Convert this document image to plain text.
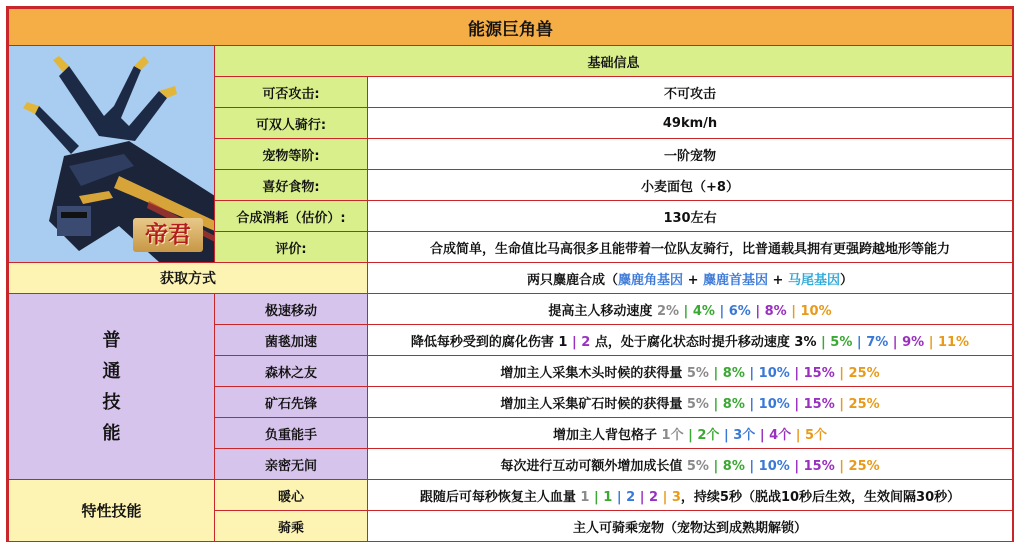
能源巨角兽		

帝君	基础信息	
	可否攻击:	不可攻击
	可双人骑行:	49km/h
	宠物等阶:	一阶宠物
	喜好食物:	小麦面包（+8）
	合成消耗（估价）:	130左右
	评价:	合成简单，生命值比马高很多且能带着一位队友骑行，比普通载具拥有更强跨越地形等能力
获取方式		两只麋鹿合成（麋鹿角基因 + 麋鹿首基因 + 马尾基因）

普
通
技
能	极速移动	提高主人移动速度 2% | 4% | 6% | 8% | 10%
	菌毯加速	降低每秒受到的腐化伤害 1 | 2 点，处于腐化状态时提升移动速度 3% | 5% | 7% | 9% | 11%
	森林之友	增加主人采集木头时候的获得量 5% | 8% | 10% | 15% | 25%
	矿石先锋	增加主人采集矿石时候的获得量 5% | 8% | 10% | 15% | 25%
	负重能手	增加主人背包格子 1个 | 2个 | 3个 | 4个 | 5个
	亲密无间	每次进行互动可额外增加成长值 5% | 8% | 10% | 15% | 25%
特性技能	暖心	跟随后可每秒恢复主人血量 1 | 1 | 2 | 2 | 3，持续5秒（脱战10秒后生效，生效间隔30秒）
	骑乘	主人可骑乘宠物（宠物达到成熟期解锁）
